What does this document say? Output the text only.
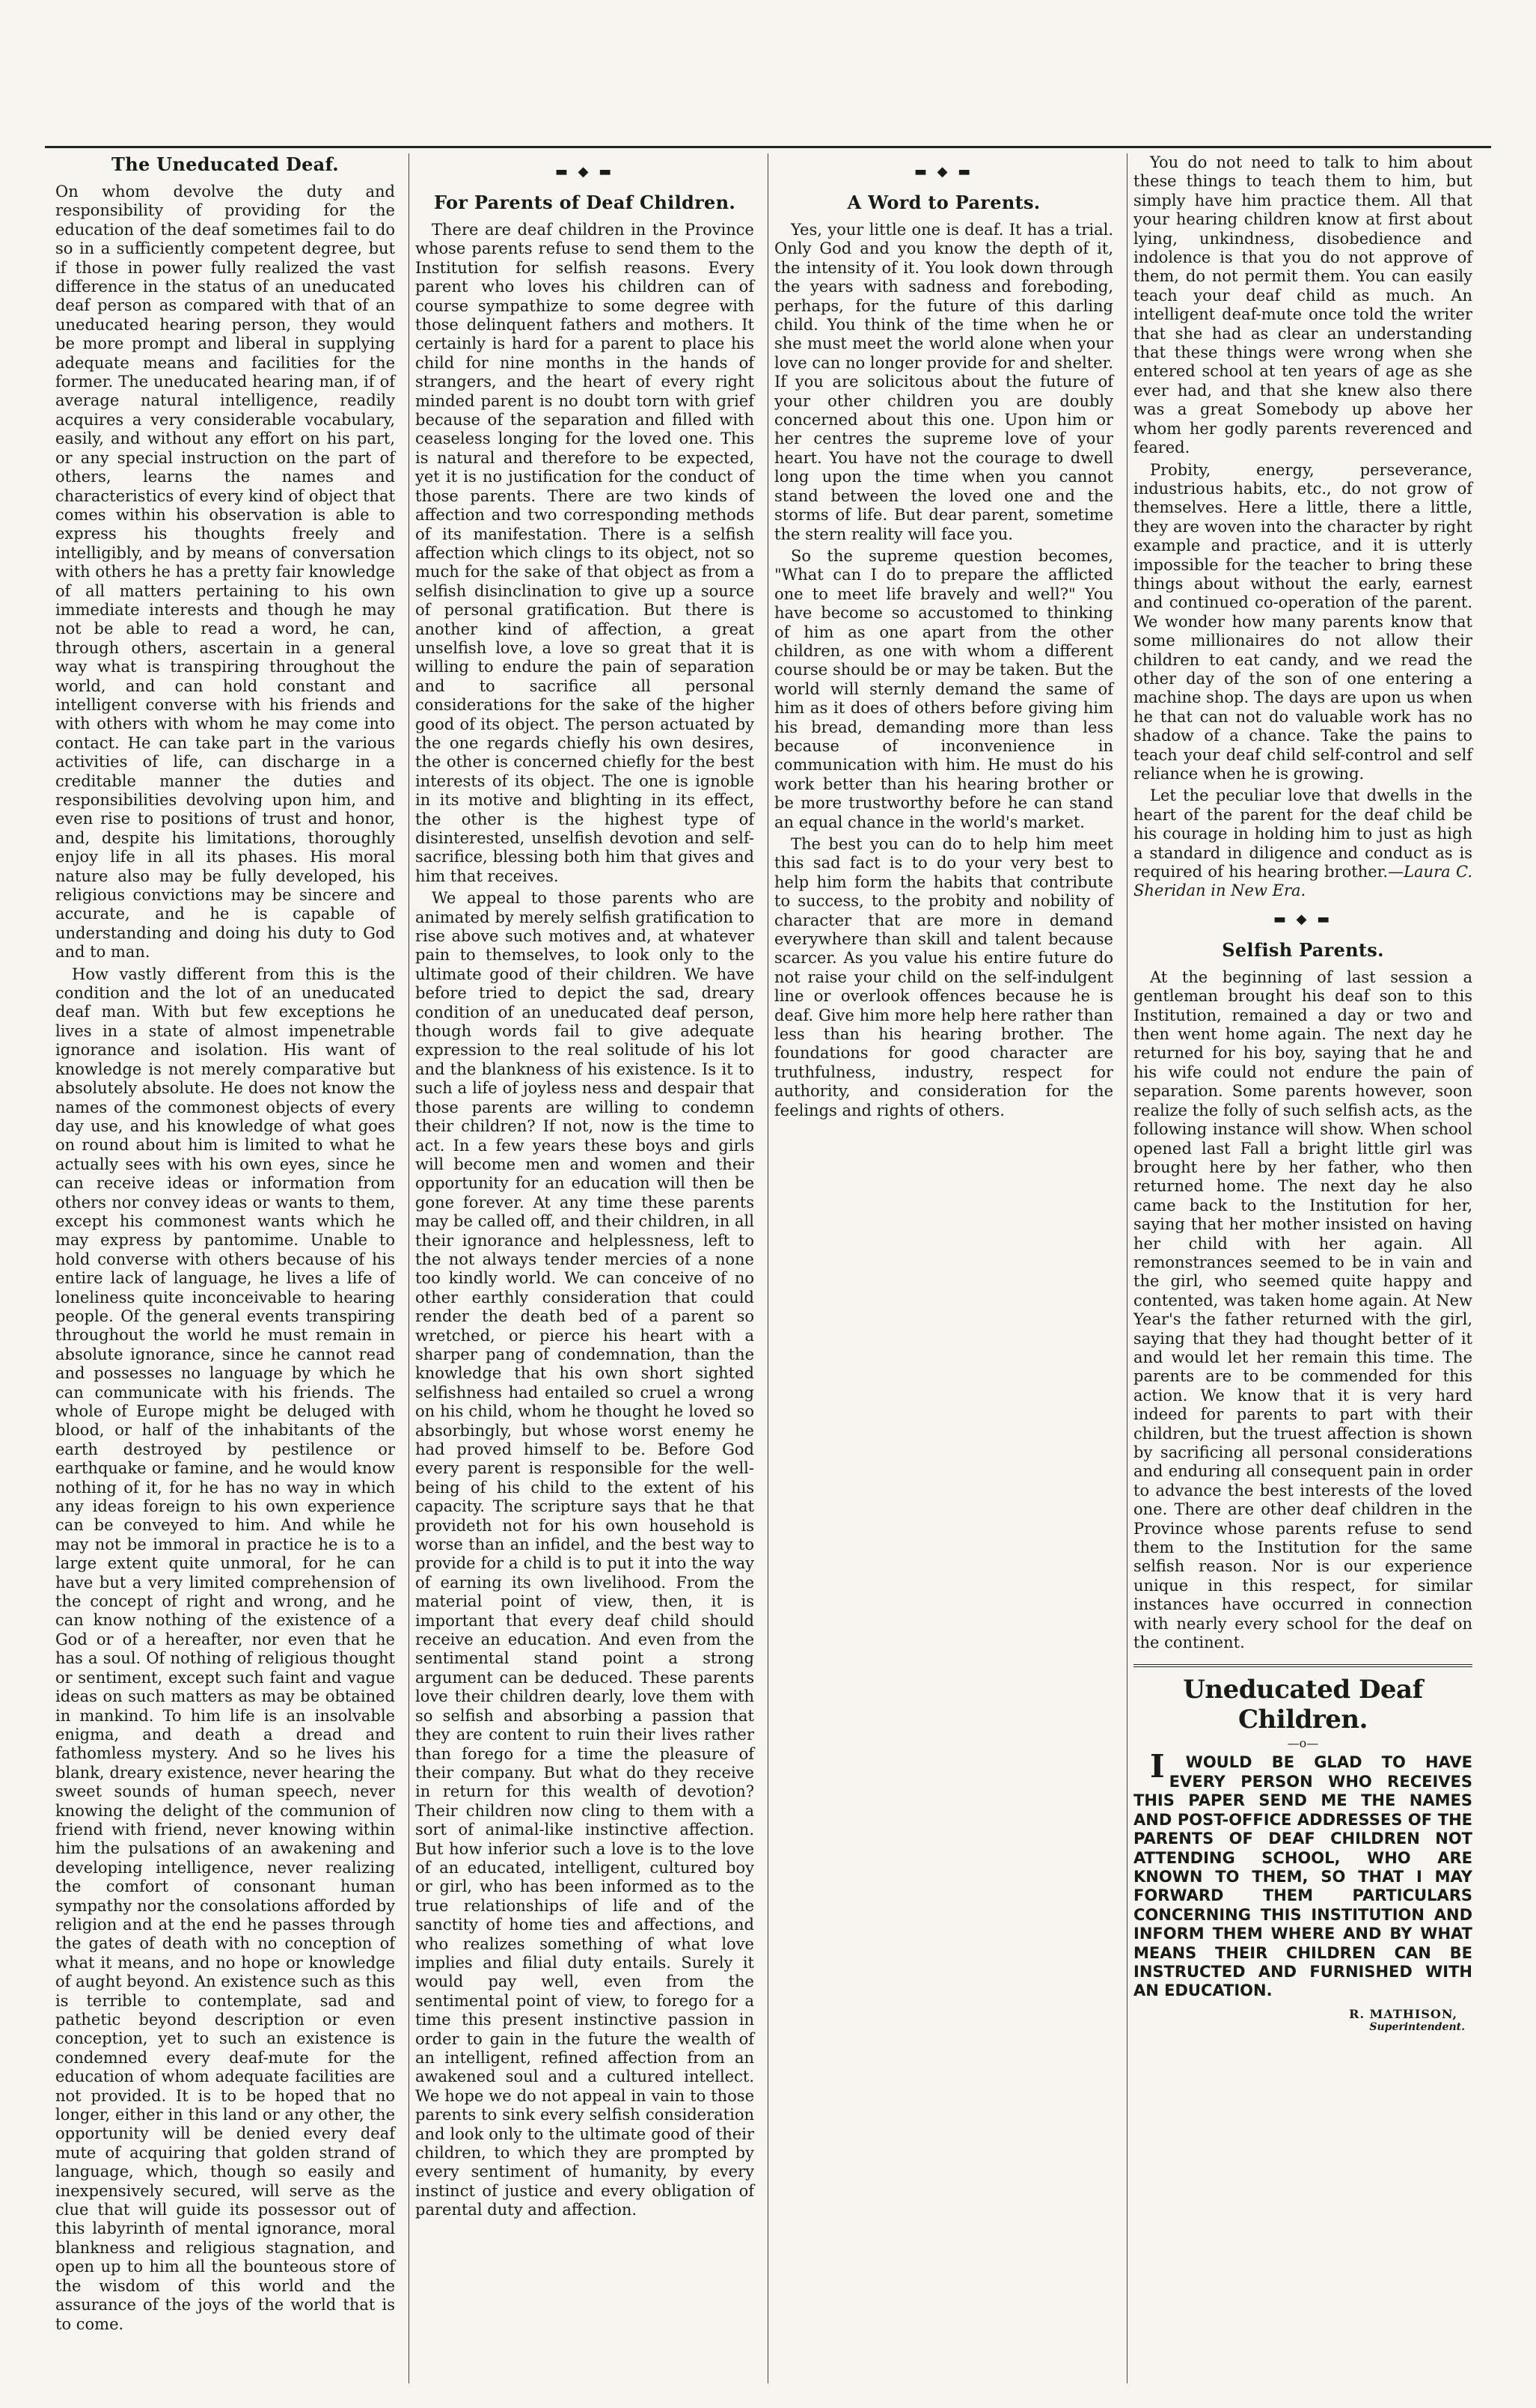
The Uneducated Deaf.

On whom devolve the duty and responsibility of providing for the education of the deaf sometimes fail to do so in a sufficiently competent degree, but if those in power fully realized the vast difference in the status of an uneducated deaf person as compared with that of an uneducated hearing person, they would be more prompt and liberal in supplying adequate means and facilities for the former. The uneducated hearing man, if of average natural intelligence, readily acquires a very considerable vocabulary, easily, and without any effort on his part, or any special instruction on the part of others, learns the names and characteristics of every kind of object that comes within his observation is able to express his thoughts freely and intelligibly, and by means of conversation with others he has a pretty fair knowledge of all matters pertaining to his own immediate interests and though he may not be able to read a word, he can, through others, ascertain in a general way what is transpiring throughout the world, and can hold constant and intelligent converse with his friends and with others with whom he may come into contact. He can take part in the various activities of life, can discharge in a creditable manner the duties and responsibilities devolving upon him, and even rise to positions of trust and honor, and, despite his limitations, thoroughly enjoy life in all its phases. His moral nature also may be fully developed, his religious convictions may be sincere and accurate, and he is capable of understanding and doing his duty to God and to man.

How vastly different from this is the condition and the lot of an uneducated deaf man. With but few exceptions he lives in a state of almost impenetrable ignorance and isolation. His want of knowledge is not merely comparative but absolutely absolute. He does not know the names of the commonest objects of every day use, and his knowledge of what goes on round about him is limited to what he actually sees with his own eyes, since he can receive ideas or information from others nor convey ideas or wants to them, except his commonest wants which he may express by pantomime. Unable to hold converse with others because of his entire lack of language, he lives a life of loneliness quite inconceivable to hearing people. Of the general events transpiring throughout the world he must remain in absolute ignorance, since he cannot read and possesses no language by which he can communicate with his friends. The whole of Europe might be deluged with blood, or half of the inhabitants of the earth destroyed by pestilence or earthquake or famine, and he would know nothing of it, for he has no way in which any ideas foreign to his own experience can be conveyed to him. And while he may not be immoral in practice he is to a large extent quite unmoral, for he can have but a very limited comprehension of the concept of right and wrong, and he can know nothing of the existence of a God or of a hereafter, nor even that he has a soul. Of nothing of religious thought or sentiment, except such faint and vague ideas on such matters as may be obtained in mankind. To him life is an insolvable enigma, and death a dread and fathomless mystery. And so he lives his blank, dreary existence, never hearing the sweet sounds of human speech, never knowing the delight of the communion of friend with friend, never knowing within him the pulsations of an awakening and developing intelligence, never realizing the comfort of consonant human sympathy nor the consolations afforded by religion and at the end he passes through the gates of death with no conception of what it means, and no hope or knowledge of aught beyond. An existence such as this is terrible to contemplate, sad and pathetic beyond description or even conception, yet to such an existence is condemned every deaf-mute for the education of whom adequate facilities are not provided. It is to be hoped that no longer, either in this land or any other, the opportunity will be denied every deaf mute of acquiring that golden strand of language, which, though so easily and inexpensively secured, will serve as the clue that will guide its possessor out of this labyrinth of mental ignorance, moral blankness and religious stagnation, and open up to him all the bounteous store of the wisdom of this world and the assurance of the joys of the world that is to come.

▬ ◆ ▬
For Parents of Deaf Children.

There are deaf children in the Province whose parents refuse to send them to the Institution for selfish reasons. Every parent who loves his children can of course sympathize to some degree with those delinquent fathers and mothers. It certainly is hard for a parent to place his child for nine months in the hands of strangers, and the heart of every right minded parent is no doubt torn with grief because of the separation and filled with ceaseless longing for the loved one. This is natural and therefore to be expected, yet it is no justification for the conduct of those parents. There are two kinds of affection and two corresponding methods of its manifestation. There is a selfish affection which clings to its object, not so much for the sake of that object as from a selfish disinclination to give up a source of personal gratification. But there is another kind of affection, a great unselfish love, a love so great that it is willing to endure the pain of separation and to sacrifice all personal considerations for the sake of the higher good of its object. The person actuated by the one regards chiefly his own desires, the other is concerned chiefly for the best interests of its object. The one is ignoble in its motive and blighting in its effect, the other is the highest type of disinterested, unselfish devotion and self-sacrifice, blessing both him that gives and him that receives.

We appeal to those parents who are animated by merely selfish gratification to rise above such motives and, at whatever pain to themselves, to look only to the ultimate good of their children. We have before tried to depict the sad, dreary condition of an uneducated deaf person, though words fail to give adequate expression to the real solitude of his lot and the blankness of his existence. Is it to such a life of joyless ness and despair that those parents are willing to condemn their children? If not, now is the time to act. In a few years these boys and girls will become men and women and their opportunity for an education will then be gone forever. At any time these parents may be called off, and their children, in all their ignorance and helplessness, left to the not always tender mercies of a none too kindly world. We can conceive of no other earthly consideration that could render the death bed of a parent so wretched, or pierce his heart with a sharper pang of condemnation, than the knowledge that his own short sighted selfishness had entailed so cruel a wrong on his child, whom he thought he loved so absorbingly, but whose worst enemy he had proved himself to be. Before God every parent is responsible for the well-being of his child to the extent of his capacity. The scripture says that he that provideth not for his own household is worse than an infidel, and the best way to provide for a child is to put it into the way of earning its own livelihood. From the material point of view, then, it is important that every deaf child should receive an education. And even from the sentimental stand point a strong argument can be deduced. These parents love their children dearly, love them with so selfish and absorbing a passion that they are content to ruin their lives rather than forego for a time the pleasure of their company. But what do they receive in return for this wealth of devotion? Their children now cling to them with a sort of animal-like instinctive affection. But how inferior such a love is to the love of an educated, intelligent, cultured boy or girl, who has been informed as to the true relationships of life and of the sanctity of home ties and affections, and who realizes something of what love implies and filial duty entails. Surely it would pay well, even from the sentimental point of view, to forego for a time this present instinctive passion in order to gain in the future the wealth of an intelligent, refined affection from an awakened soul and a cultured intellect. We hope we do not appeal in vain to those parents to sink every selfish consideration and look only to the ultimate good of their children, to which they are prompted by every sentiment of humanity, by every instinct of justice and every obligation of parental duty and affection.

▬ ◆ ▬
A Word to Parents.

Yes, your little one is deaf. It has a trial. Only God and you know the depth of it, the intensity of it. You look down through the years with sadness and foreboding, perhaps, for the future of this darling child. You think of the time when he or she must meet the world alone when your love can no longer provide for and shelter. If you are solicitous about the future of your other children you are doubly concerned about this one. Upon him or her centres the supreme love of your heart. You have not the courage to dwell long upon the time when you cannot stand between the loved one and the storms of life. But dear parent, sometime the stern reality will face you.

So the supreme question becomes, "What can I do to prepare the afflicted one to meet life bravely and well?" You have become so accustomed to thinking of him as one apart from the other children, as one with whom a different course should be or may be taken. But the world will sternly demand the same of him as it does of others before giving him his bread, demanding more than less because of inconvenience in communication with him. He must do his work better than his hearing brother or be more trustworthy before he can stand an equal chance in the world's market.

The best you can do to help him meet this sad fact is to do your very best to help him form the habits that contribute to success, to the probity and nobility of character that are more in demand everywhere than skill and talent because scarcer. As you value his entire future do not raise your child on the self-indulgent line or overlook offences because he is deaf. Give him more help here rather than less than his hearing brother. The foundations for good character are truthfulness, industry, respect for authority, and consideration for the feelings and rights of others.

You do not need to talk to him about these things to teach them to him, but simply have him practice them. All that your hearing children know at first about lying, unkindness, disobedience and indolence is that you do not approve of them, do not permit them. You can easily teach your deaf child as much. An intelligent deaf-mute once told the writer that she had as clear an understanding that these things were wrong when she entered school at ten years of age as she ever had, and that she knew also there was a great Somebody up above her whom her godly parents reverenced and feared.

Probity, energy, perseverance, industrious habits, etc., do not grow of themselves. Here a little, there a little, they are woven into the character by right example and practice, and it is utterly impossible for the teacher to bring these things about without the early, earnest and continued co-operation of the parent. We wonder how many parents know that some millionaires do not allow their children to eat candy, and we read the other day of the son of one entering a machine shop. The days are upon us when he that can not do valuable work has no shadow of a chance. Take the pains to teach your deaf child self-control and self reliance when he is growing.

Let the peculiar love that dwells in the heart of the parent for the deaf child be his courage in holding him to just as high a standard in diligence and conduct as is required of his hearing brother.—Laura C. Sheridan in New Era.

▬ ◆ ▬
Selfish Parents.

At the beginning of last session a gentleman brought his deaf son to this Institution, remained a day or two and then went home again. The next day he returned for his boy, saying that he and his wife could not endure the pain of separation. Some parents however, soon realize the folly of such selfish acts, as the following instance will show. When school opened last Fall a bright little girl was brought here by her father, who then returned home. The next day he also came back to the Institution for her, saying that her mother insisted on having her child with her again. All remonstrances seemed to be in vain and the girl, who seemed quite happy and contented, was taken home again. At New Year's the father returned with the girl, saying that they had thought better of it and would let her remain this time. The parents are to be commended for this action. We know that it is very hard indeed for parents to part with their children, but the truest affection is shown by sacrificing all personal considerations and enduring all consequent pain in order to advance the best interests of the loved one. There are other deaf children in the Province whose parents refuse to send them to the Institution for the same selfish reason. Nor is our experience unique in this respect, for similar instances have occurred in connection with nearly every school for the deaf on the continent.

Uneducated Deaf Children.
—o—

I WOULD BE GLAD TO HAVE EVERY PERSON WHO RECEIVES THIS PAPER SEND ME THE NAMES AND POST-OFFICE ADDRESSES OF THE PARENTS OF DEAF CHILDREN NOT ATTENDING SCHOOL, WHO ARE KNOWN TO THEM, SO THAT I MAY FORWARD THEM PARTICULARS CONCERNING THIS INSTITUTION AND INFORM THEM WHERE AND BY WHAT MEANS THEIR CHILDREN CAN BE INSTRUCTED AND FURNISHED WITH AN EDUCATION.

R. MATHISON,
Superintendent.
